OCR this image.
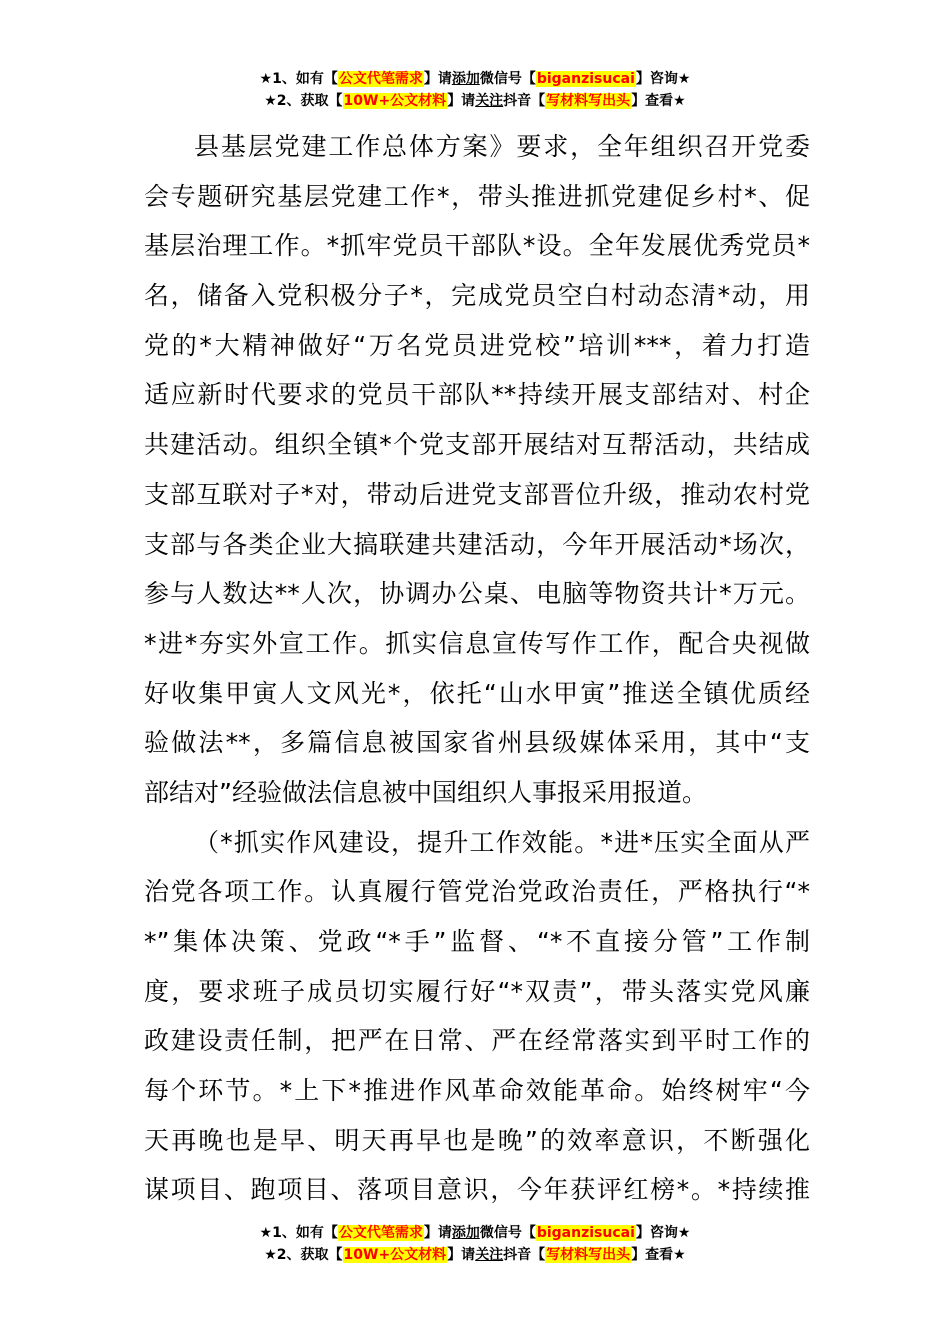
★1、如有【公文代笔需求】请添加微信号【biganzisucai】咨询★
★2、获取【10W+公文材料】请关注抖音【写材料写出头】查看★
县基层党建工作总体方案》要求，全年组织召开党委
会专题研究基层党建工作*，带头推进抓党建促乡村*、促
基层治理工作。*抓牢党员干部队*设。全年发展优秀党员*
名，储备入党积极分子*，完成党员空白村动态清*动，用
党的*大精神做好“万名党员进党校”培训***，着力打造
适应新时代要求的党员干部队**持续开展支部结对、村企
共建活动。组织全镇*个党支部开展结对互帮活动，共结成
支部互联对子*对，带动后进党支部晋位升级，推动农村党
支部与各类企业大搞联建共建活动，今年开展活动*场次，
参与人数达**人次，协调办公桌、电脑等物资共计*万元。
*进*夯实外宣工作。抓实信息宣传写作工作，配合央视做
好收集甲寅人文风光*，依托“山水甲寅”推送全镇优质经
验做法**，多篇信息被国家省州县级媒体采用，其中“支
部结对”经验做法信息被中国组织人事报采用报道。
（*抓实作风建设，提升工作效能。*进*压实全面从严
治党各项工作。认真履行管党治党政治责任，严格执行“*
*”集体决策、党政“*手”监督、“*不直接分管”工作制
度，要求班子成员切实履行好“*双责”，带头落实党风廉
政建设责任制，把严在日常、严在经常落实到平时工作的
每个环节。*上下*推进作风革命效能革命。始终树牢“今
天再晚也是早、明天再早也是晚”的效率意识，不断强化
谋项目、跑项目、落项目意识，今年获评红榜*。*持续推
★1、如有【公文代笔需求】请添加微信号【biganzisucai】咨询★
★2、获取【10W+公文材料】请关注抖音【写材料写出头】查看★
